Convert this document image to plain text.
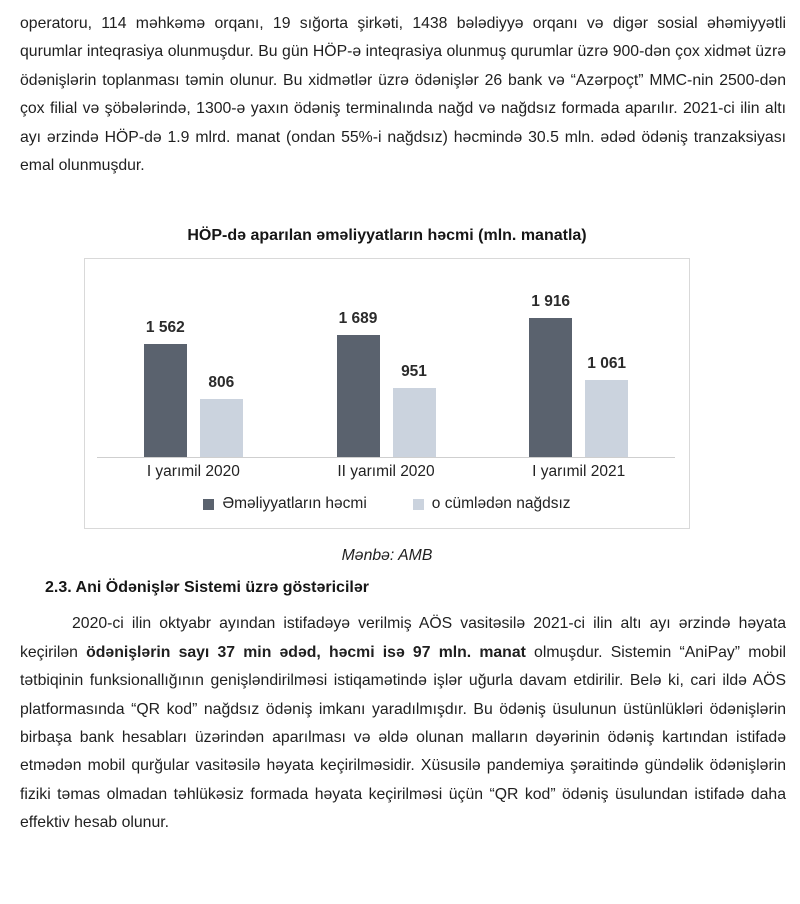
operatoru, 114 məhkəmə orqanı, 19 sığorta şirkəti, 1438 bələdiyyə orqanı və digər sosial əhəmiyyətli qurumlar inteqrasiya olunmuşdur. Bu gün HÖP-ə inteqrasiya olunmuş qurumlar üzrə 900-dən çox xidmət üzrə ödənişlərin toplanması təmin olunur. Bu xidmətlər üzrə ödənişlər 26 bank və “Azərpoçt” MMC-nin 2500-dən çox filial və şöbələrində, 1300-ə yaxın ödəniş terminalında nağd və nağdsız formada aparılır. 2021-ci ilin altı ayı ərzində HÖP-də 1.9 mlrd. manat (ondan 55%-i nağdsız) həcmində 30.5 mln. ədəd ödəniş tranzaksiyası emal olunmuşdur.

HÖP-də aparılan əməliyyatların həcmi (mln. manatla)
1 562
806
1 689
951
1 916
1 061
I yarımil 2020	II yarımil 2020	I yarımil 2021
Əməliyyatların həcmi	o cümlədən nağdsız
Mənbə: AMB
2.3. Ani Ödənişlər Sistemi üzrə göstəricilər

2020-ci ilin oktyabr ayından istifadəyə verilmiş AÖS vasitəsilə 2021-ci ilin altı ayı ərzində həyata keçirilən ödənişlərin sayı 37 min ədəd, həcmi isə 97 mln. manat olmuşdur. Sistemin “AniPay” mobil tətbiqinin funksionallığının genişləndirilməsi istiqamətində işlər uğurla davam etdirilir. Belə ki, cari ildə AÖS platformasında “QR kod” nağdsız ödəniş imkanı yaradılmışdır. Bu ödəniş üsulunun üstünlükləri ödənişlərin birbaşa bank hesabları üzərindən aparılması və əldə olunan malların dəyərinin ödəniş kartından istifadə etmədən mobil qurğular vasitəsilə həyata keçirilməsidir. Xüsusilə pandemiya şəraitində gündəlik ödənişlərin fiziki təmas olmadan təhlükəsiz formada həyata keçirilməsi üçün “QR kod” ödəniş üsulundan istifadə daha effektiv hesab olunur.
